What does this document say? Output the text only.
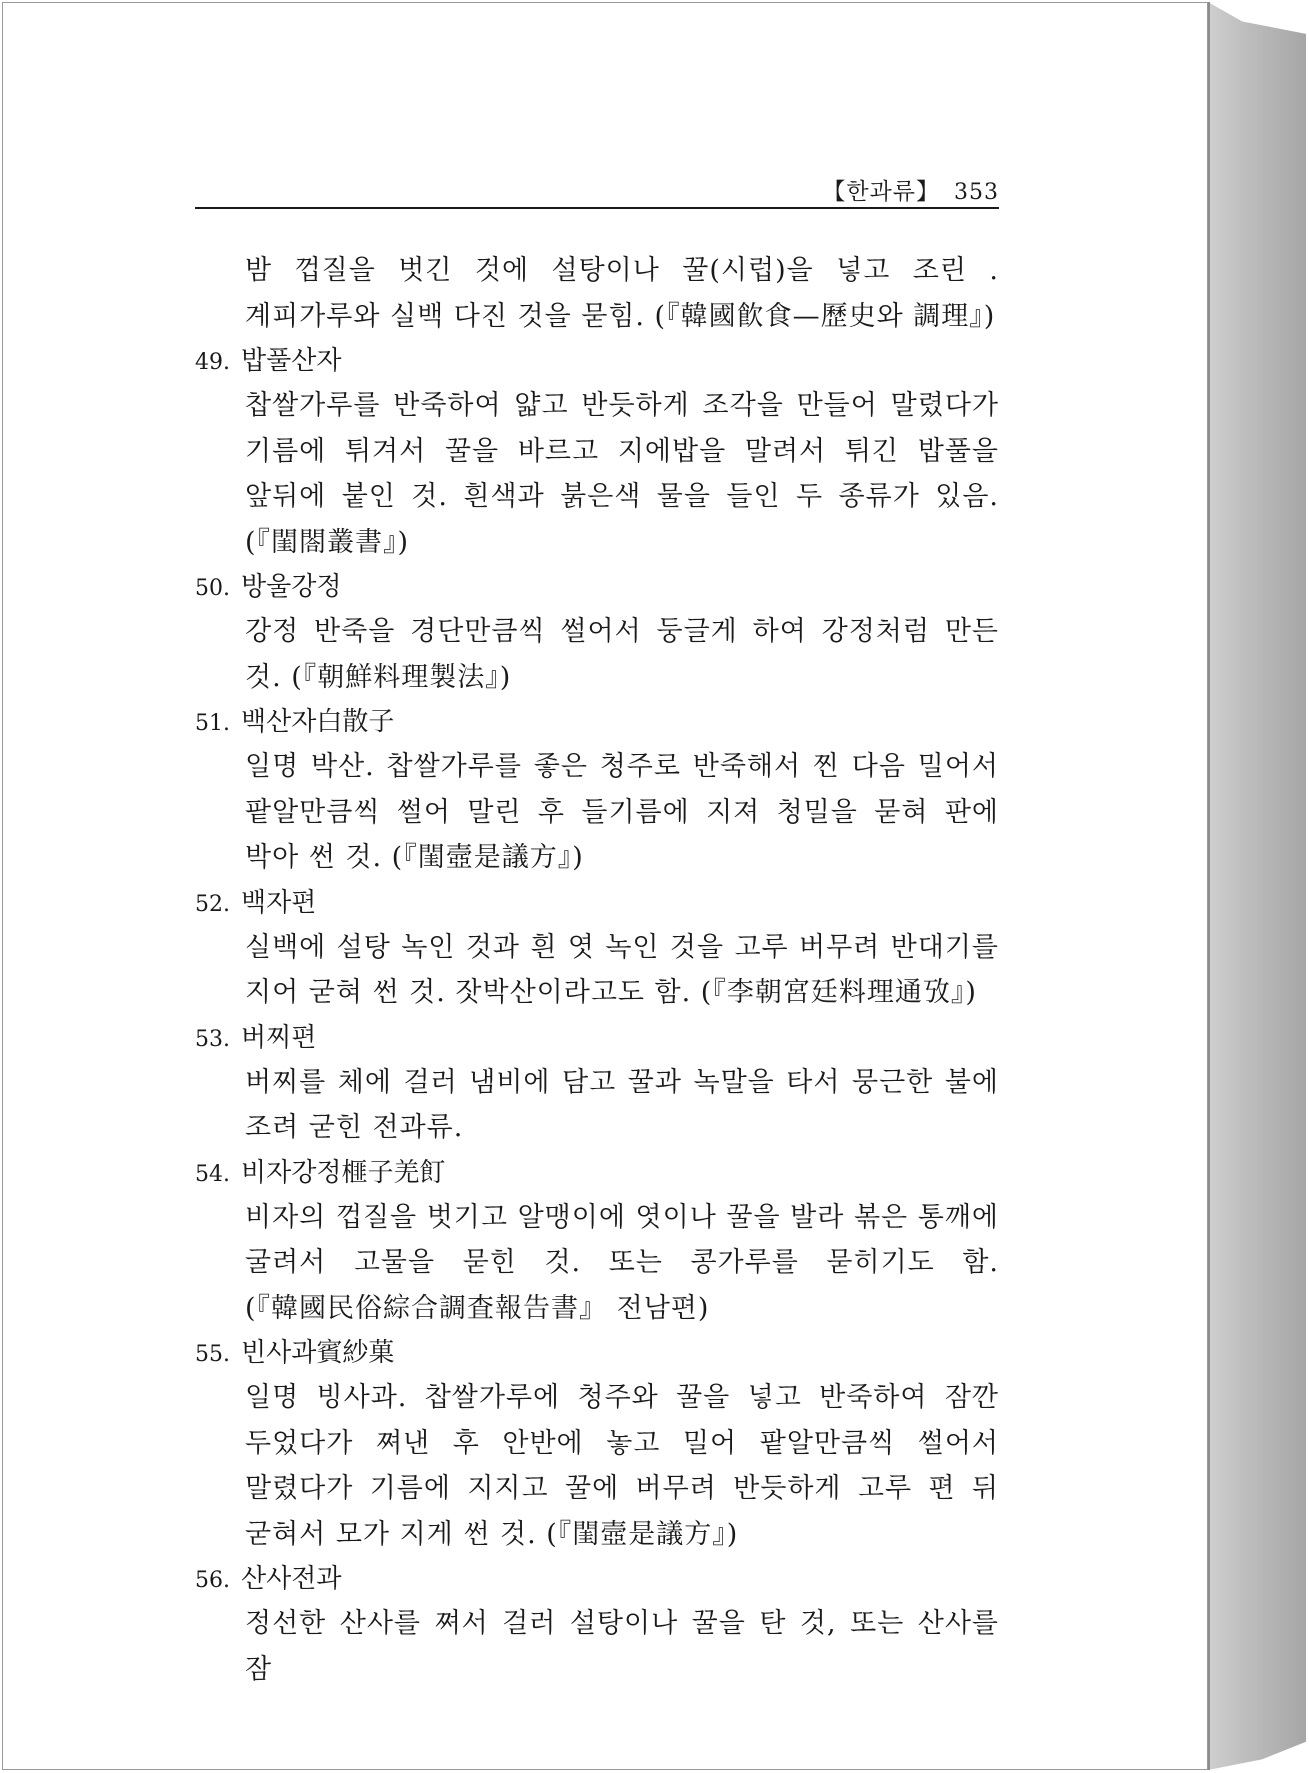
【한과류】 353
밤 껍질을 벗긴 것에 설탕이나 꿀(시럽)을 넣고 조린 . 계피가루와 실백 다진 것을 묻힘. (『韓國飮食—歷史와 調理』)
49. 밥풀산자
찹쌀가루를 반죽하여 얇고 반듯하게 조각을 만들어 말렸다가 기름에 튀겨서 꿀을 바르고 지에밥을 말려서 튀긴 밥풀을 앞뒤에 붙인 것. 흰색과 붉은색 물을 들인 두 종류가 있음. (『閨閤叢書』)
50. 방울강정
강정 반죽을 경단만큼씩 썰어서 둥글게 하여 강정처럼 만든 것. (『朝鮮料理製法』)
51. 백산자白散子
일명 박산. 찹쌀가루를 좋은 청주로 반죽해서 찐 다음 밀어서 팥알만큼씩 썰어 말린 후 들기름에 지져 청밀을 묻혀 판에 박아 썬 것. (『閨壼是議方』)
52. 백자편
실백에 설탕 녹인 것과 흰 엿 녹인 것을 고루 버무려 반대기를 지어 굳혀 썬 것. 잣박산이라고도 함. (『李朝宮廷料理通攷』)
53. 버찌편
버찌를 체에 걸러 냄비에 담고 꿀과 녹말을 타서 뭉근한 불에 조려 굳힌 전과류.
54. 비자강정榧子羌飣
비자의 껍질을 벗기고 알맹이에 엿이나 꿀을 발라 볶은 통깨에 굴려서 고물을 묻힌 것. 또는 콩가루를 묻히기도 함. (『韓國民俗綜合調査報告書』 전남편)
55. 빈사과賓紗菓
일명 빙사과. 찹쌀가루에 청주와 꿀을 넣고 반죽하여 잠깐 두었다가 쪄낸 후 안반에 놓고 밀어 팥알만큼씩 썰어서 말렸다가 기름에 지지고 꿀에 버무려 반듯하게 고루 편 뒤 굳혀서 모가 지게 썬 것. (『閨壼是議方』)
56. 산사전과
정선한 산사를 쪄서 걸러 설탕이나 꿀을 탄 것, 또는 산사를 잠
